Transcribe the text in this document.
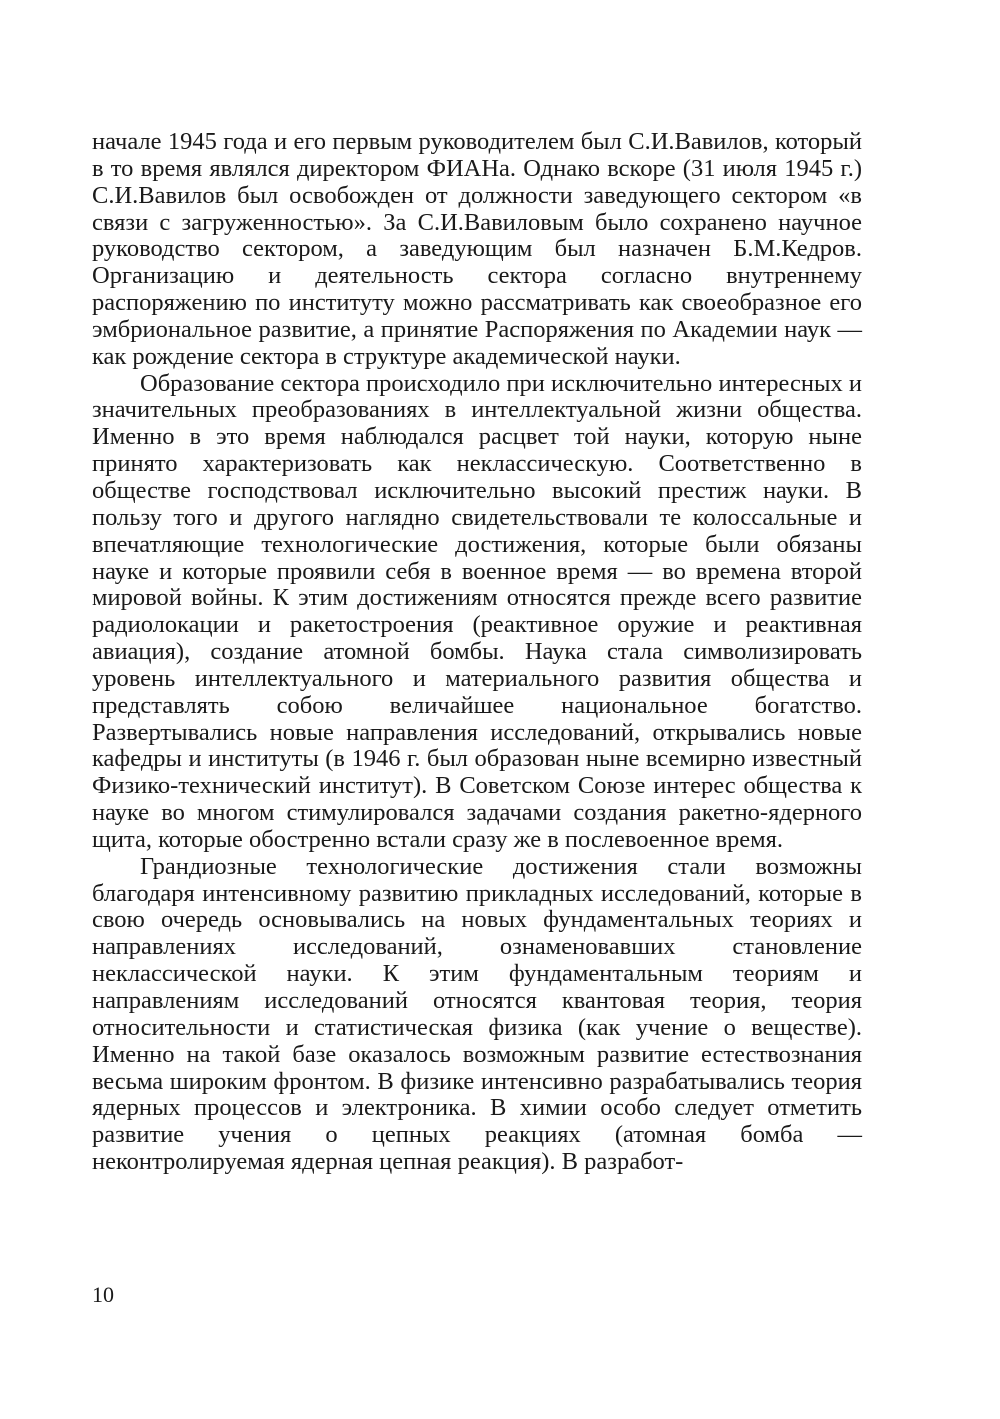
начале 1945 года и его первым руководителем был С.И.Вавилов, который в то время являлся директором ФИАНа. Однако вскоре (31 июля 1945 г.) С.И.Вавилов был освобожден от должности заведующего сектором «в связи с загруженностью». За С.И.Вавиловым было сохранено научное руководство сектором, а заведующим был назначен Б.М.Кедров. Организацию и деятельность сектора согласно внутреннему распоряжению по институту можно рассматривать как своеобразное его эмбриональное развитие, а принятие Распоряжения по Академии наук — как рождение сектора в структуре академической науки.

Образование сектора происходило при исключительно интересных и значительных преобразованиях в интеллектуальной жизни общества. Именно в это время наблюдался расцвет той науки, которую ныне принято характеризовать как неклассическую. Соответственно в обществе господствовал исключительно высокий престиж науки. В пользу того и другого наглядно свидетельствовали те колоссальные и впечатляющие технологические достижения, которые были обязаны науке и которые проявили себя в военное время — во времена второй мировой войны. К этим достижениям относятся прежде всего развитие радиолокации и ракетостроения (реактивное оружие и реактивная авиация), создание атомной бомбы. Наука стала символизировать уровень интеллектуального и материального развития общества и представлять собою величайшее национальное богатство. Развертывались новые направления исследований, открывались новые кафедры и институты (в 1946 г. был образован ныне всемирно известный Физико-технический институт). В Советском Союзе интерес общества к науке во многом стимулировался задачами создания ракетно-ядерного щита, которые обостренно встали сразу же в послевоенное время.

Грандиозные технологические достижения стали возможны благодаря интенсивному развитию прикладных исследований, которые в свою очередь основывались на новых фундаментальных теориях и направлениях исследований, ознаменовавших становление неклассической науки. К этим фундаментальным теориям и направлениям исследований относятся квантовая теория, теория относительности и статистическая физика (как учение о веществе). Именно на такой базе оказалось возможным развитие естествознания весьма широким фронтом. В физике интенсивно разрабатывались теория ядерных процессов и электроника. В химии особо следует отметить развитие учения о цепных реакциях (атомная бомба — неконтролируемая ядерная цепная реакция). В разработ-

10
